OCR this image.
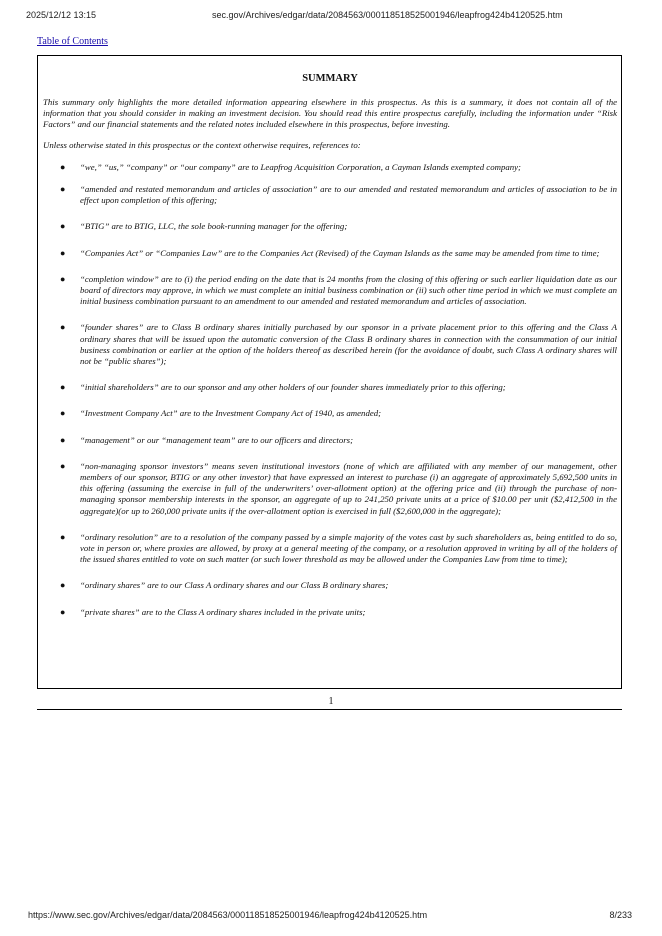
2025/12/12 13:15	sec.gov/Archives/edgar/data/2084563/000118518525001946/leapfrog424b4120525.htm
Table of Contents
SUMMARY

This summary only highlights the more detailed information appearing elsewhere in this prospectus. As this is a summary, it does not contain all of the information that you should consider in making an investment decision. You should read this entire prospectus carefully, including the information under “Risk Factors” and our financial statements and the related notes included elsewhere in this prospectus, before investing.

Unless otherwise stated in this prospectus or the context otherwise requires, references to:

● “we,” “us,” “company” or “our company” are to Leapfrog Acquisition Corporation, a Cayman Islands exempted company;
● “amended and restated memorandum and articles of association” are to our amended and restated memorandum and articles of association to be in effect upon completion of this offering;
● “BTIG” are to BTIG, LLC, the sole book-running manager for the offering;
● “Companies Act” or “Companies Law” are to the Companies Act (Revised) of the Cayman Islands as the same may be amended from time to time;
● “completion window” are to (i) the period ending on the date that is 24 months from the closing of this offering or such earlier liquidation date as our board of directors may approve, in which we must complete an initial business combination or (ii) such other time period in which we must complete an initial business combination pursuant to an amendment to our amended and restated memorandum and articles of association.
● “founder shares” are to Class B ordinary shares initially purchased by our sponsor in a private placement prior to this offering and the Class A ordinary shares that will be issued upon the automatic conversion of the Class B ordinary shares in connection with the consummation of our initial business combination or earlier at the option of the holders thereof as described herein (for the avoidance of doubt, such Class A ordinary shares will not be “public shares”);
● “initial shareholders” are to our sponsor and any other holders of our founder shares immediately prior to this offering;
● “Investment Company Act” are to the Investment Company Act of 1940, as amended;
● “management” or our “management team” are to our officers and directors;
● “non-managing sponsor investors” means seven institutional investors (none of which are affiliated with any member of our management, other members of our sponsor, BTIG or any other investor) that have expressed an interest to purchase (i) an aggregate of approximately 5,692,500 units in this offering (assuming the exercise in full of the underwriters’ over-allotment option) at the offering price and (ii) through the purchase of non-managing sponsor membership interests in the sponsor, an aggregate of up to 241,250 private units at a price of $10.00 per unit ($2,412,500 in the aggregate)(or up to 260,000 private units if the over-allotment option is exercised in full ($2,600,000 in the aggregate);
● “ordinary resolution” are to a resolution of the company passed by a simple majority of the votes cast by such shareholders as, being entitled to do so, vote in person or, where proxies are allowed, by proxy at a general meeting of the company, or a resolution approved in writing by all of the holders of the issued shares entitled to vote on such matter (or such lower threshold as may be allowed under the Companies Law from time to time);
● “ordinary shares” are to our Class A ordinary shares and our Class B ordinary shares;
● “private shares” are to the Class A ordinary shares included in the private units;
1
https://www.sec.gov/Archives/edgar/data/2084563/000118518525001946/leapfrog424b4120525.htm	8/233
